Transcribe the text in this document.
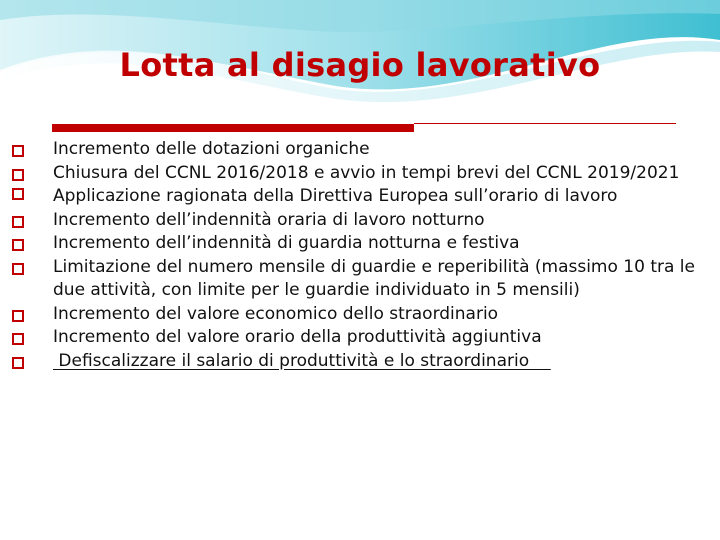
Lotta al disagio lavorativo
Incremento delle dotazioni organiche
Chiusura del CCNL 2016/2018 e avvio in tempi brevi del CCNL 2019/2021
Applicazione ragionata della Direttiva Europea sull’orario di lavoro
Incremento dell’indennità oraria di lavoro notturno
Incremento dell’indennità di guardia notturna e festiva
Limitazione del numero mensile di guardie e reperibilità (massimo 10 tra le due attività, con limite per le guardie individuato in 5 mensili)
Incremento del valore economico dello straordinario
Incremento del valore orario della produttività aggiuntiva
Defiscalizzare il salario di produttività e lo straordinario
